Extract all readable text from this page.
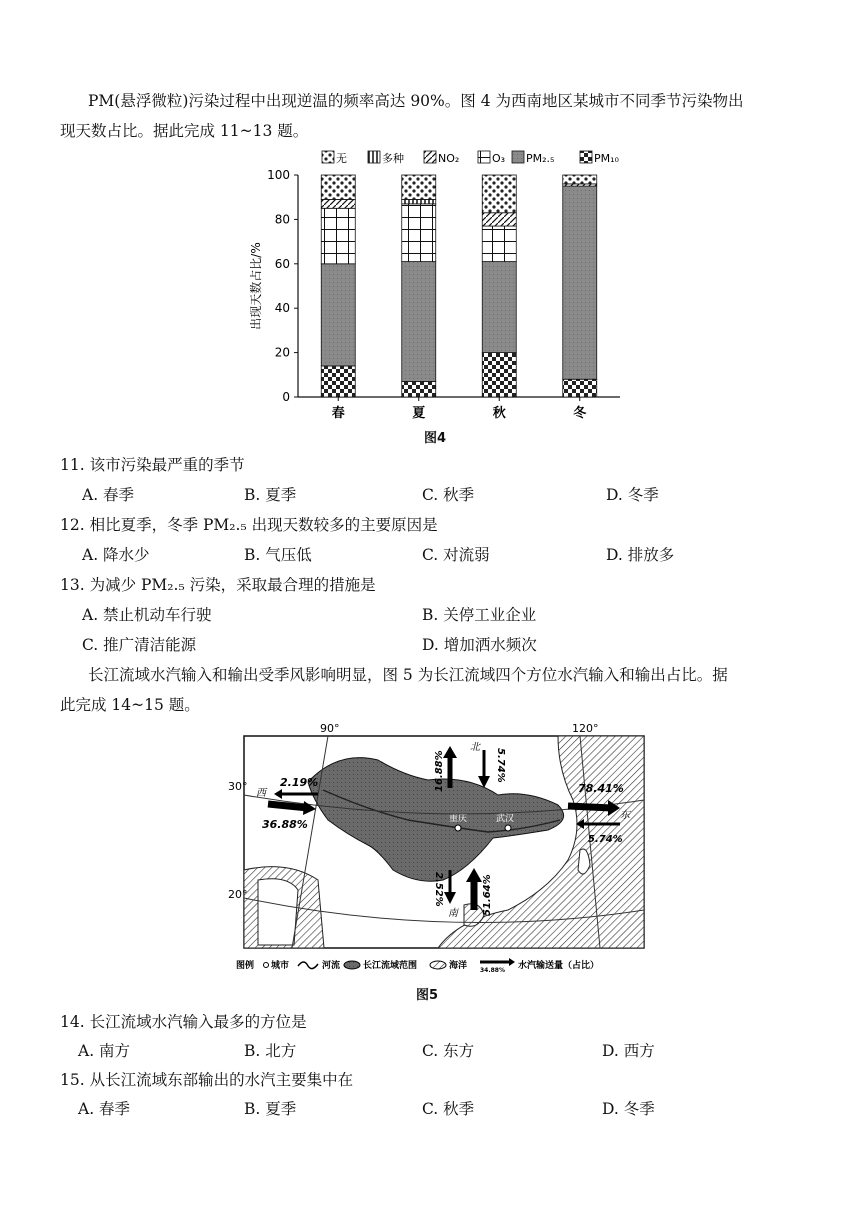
PM(悬浮微粒)污染过程中出现逆温的频率高达 90%。图 4 为西南地区某城市不同季节污染物出
现天数占比。据此完成 11~13 题。
无	多种	NO₂	O₃ PM₂.₅	PM₁₀
0
20
40
60
80
100
出现天数占比/%
春	夏	秋	冬
图4
11. 该市污染最严重的季节
A. 春季	B. 夏季	C. 秋季	D. 冬季
12. 相比夏季，冬季 PM₂.₅ 出现天数较多的主要原因是
A. 降水少	B. 气压低	C. 对流弱	D. 排放多
13. 为减少 PM₂.₅ 污染，采取最合理的措施是
A. 禁止机动车行驶	B. 关停工业企业
C. 推广清洁能源	D. 增加洒水频次
长江流域水汽输入和输出受季风影响明显，图 5 为长江流域四个方位水汽输入和输出占比。据
此完成 14~15 题。
重庆	武汉
90°	120°
30°
20°
西
2.19%
36.88%
北
16.88%	5.74%
东
78.41%
5.74%
南
2.52%	51.64%
图例 城市	河流	长江流域范围	海洋 34.88% 水汽输送量（占比）
图5
14. 长江流域水汽输入最多的方位是
A. 南方	B. 北方	C. 东方	D. 西方
15. 从长江流域东部输出的水汽主要集中在
A. 春季	B. 夏季	C. 秋季	D. 冬季
